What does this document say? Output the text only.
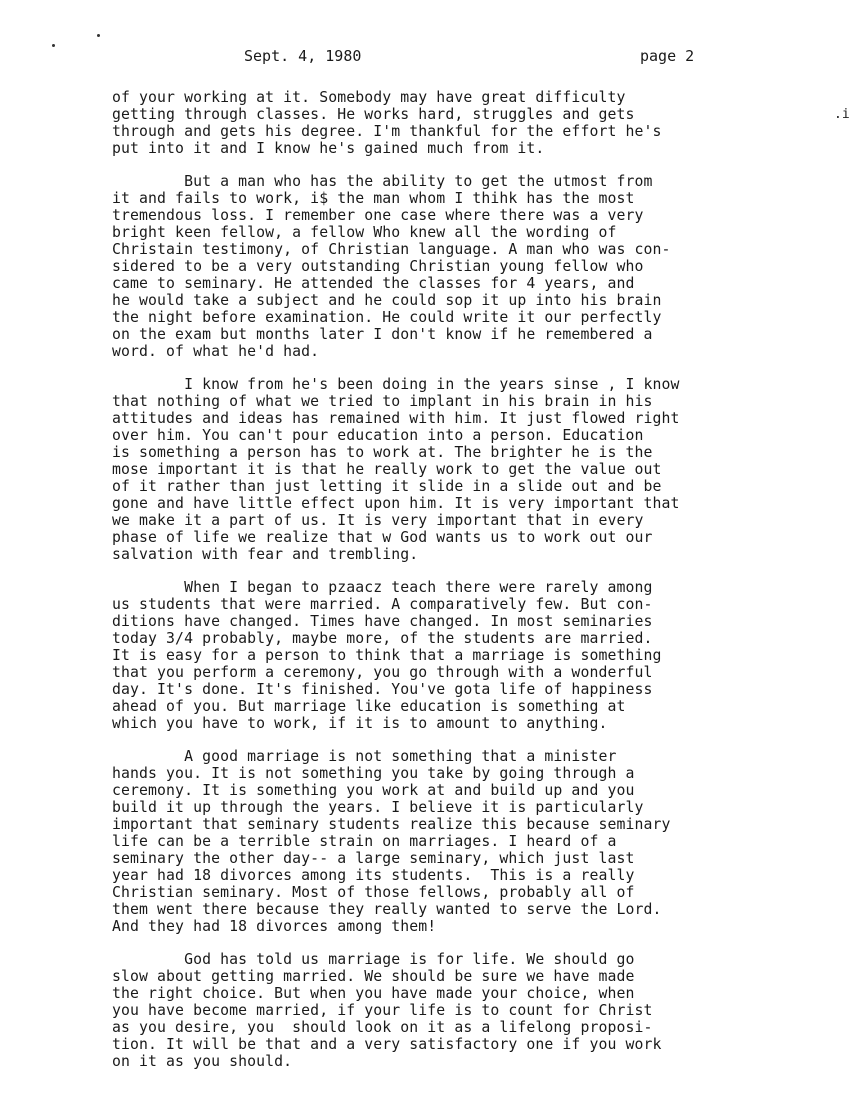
Sept. 4, 1980	page 2
.i
of your working at it. Somebody may have great difficulty
getting through classes. He works hard, struggles and gets
through and gets his degree. I'm thankful for the effort he's
put into it and I know he's gained much from it.
But a man who has the ability to get the utmost from
it and fails to work, i$ the man whom I thihk has the most
tremendous loss. I remember one case where there was a very
bright keen fellow, a fellow Who knew all the wording of
Christain testimony, of Christian language. A man who was con-
sidered to be a very outstanding Christian young fellow who
came to seminary. He attended the classes for 4 years, and
he would take a subject and he could sop it up into his brain
the night before examination. He could write it our perfectly
on the exam but months later I don't know if he remembered a
word. of what he'd had.
I know from he's been doing in the years sinse , I know
that nothing of what we tried to implant in his brain in his
attitudes and ideas has remained with him. It just flowed right
over him. You can't pour education into a person. Education
is something a person has to work at. The brighter he is the
mose important it is that he really work to get the value out
of it rather than just letting it slide in a slide out and be
gone and have little effect upon him. It is very important that
we make it a part of us. It is very important that in every
phase of life we realize that w God wants us to work out our
salvation with fear and trembling.
When I began to pzaacz teach there were rarely among
us students that were married. A comparatively few. But con-
ditions have changed. Times have changed. In most seminaries
today 3/4 probably, maybe more, of the students are married.
It is easy for a person to think that a marriage is something
that you perform a ceremony, you go through with a wonderful
day. It's done. It's finished. You've gota life of happiness
ahead of you. But marriage like education is something at
which you have to work, if it is to amount to anything.
A good marriage is not something that a minister
hands you. It is not something you take by going through a
ceremony. It is something you work at and build up and you
build it up through the years. I believe it is particularly
important that seminary students realize this because seminary
life can be a terrible strain on marriages. I heard of a
seminary the other day-- a large seminary, which just last
year had 18 divorces among its students.  This is a really
Christian seminary. Most of those fellows, probably all of
them went there because they really wanted to serve the Lord.
And they had 18 divorces among them!
God has told us marriage is for life. We should go
slow about getting married. We should be sure we have made
the right choice. But when you have made your choice, when
you have become married, if your life is to count for Christ
as you desire, you  should look on it as a lifelong proposi-
tion. It will be that and a very satisfactory one if you work
on it as you should.
